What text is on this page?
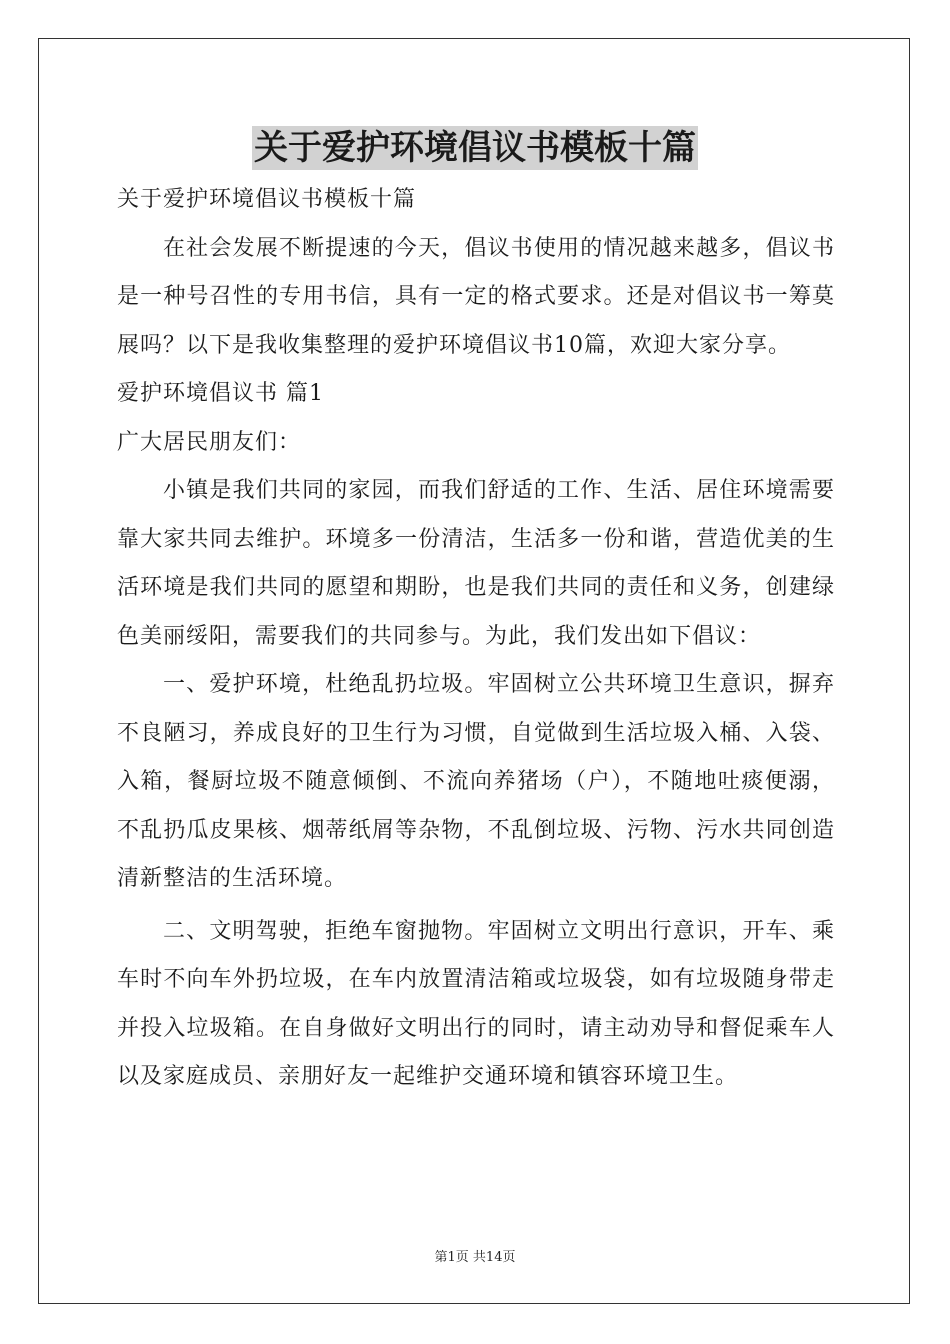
关于爱护环境倡议书模板十篇

关于爱护环境倡议书模板十篇

在社会发展不断提速的今天，倡议书使用的情况越来越多，倡议书是一种号召性的专用书信，具有一定的格式要求。还是对倡议书一筹莫展吗？以下是我收集整理的爱护环境倡议书10篇，欢迎大家分享。

爱护环境倡议书 篇1

广大居民朋友们：

小镇是我们共同的家园，而我们舒适的工作、生活、居住环境需要靠大家共同去维护。环境多一份清洁，生活多一份和谐，营造优美的生活环境是我们共同的愿望和期盼，也是我们共同的责任和义务，创建绿色美丽绥阳，需要我们的共同参与。为此，我们发出如下倡议：

一、爱护环境，杜绝乱扔垃圾。牢固树立公共环境卫生意识，摒弃不良陋习，养成良好的卫生行为习惯，自觉做到生活垃圾入桶、入袋、入箱，餐厨垃圾不随意倾倒、不流向养猪场（户），不随地吐痰便溺，不乱扔瓜皮果核、烟蒂纸屑等杂物，不乱倒垃圾、污物、污水共同创造清新整洁的生活环境。

二、文明驾驶，拒绝车窗抛物。牢固树立文明出行意识，开车、乘车时不向车外扔垃圾，在车内放置清洁箱或垃圾袋，如有垃圾随身带走并投入垃圾箱。在自身做好文明出行的同时，请主动劝导和督促乘车人以及家庭成员、亲朋好友一起维护交通环境和镇容环境卫生。

第1页 共14页
